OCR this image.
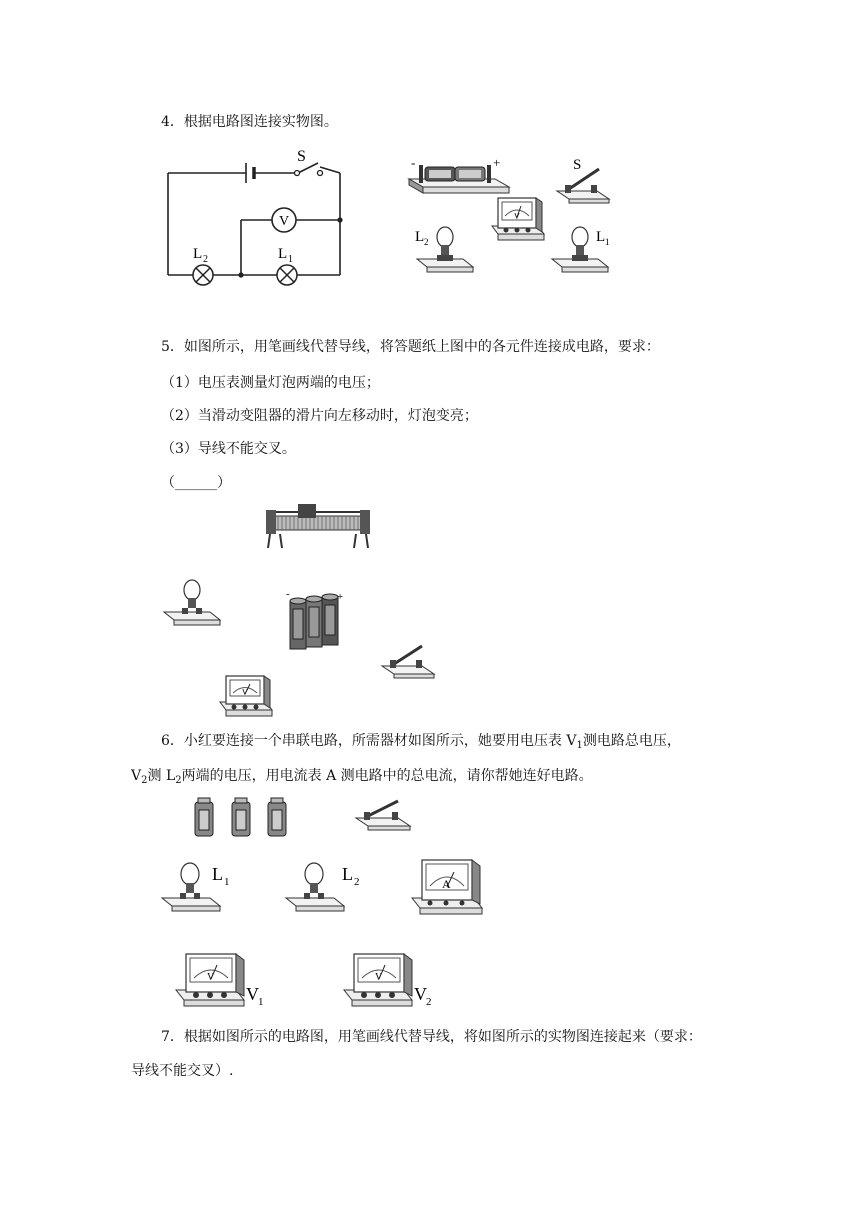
4．根据电路图连接实物图。
V
S
L 2	L 1
-	+	S
V
L 2	L 1
5．如图所示，用笔画线代替导线，将答题纸上图中的各元件连接成电路，要求：
（1）电压表测量灯泡两端的电压；
（2）当滑动变阻器的滑片向左移动时，灯泡变亮；
（3）导线不能交叉。
（______）
-	+
V
6．小红要连接一个串联电路，所需器材如图所示，她要用电压表 $V_1$测电路总电压，
$V_2$测 $L_2$两端的电压，用电流表 A 测电路中的总电流，请你帮她连好电路。
L 1	L 2	A
V
V 1
V
V 2
7．根据如图所示的电路图，用笔画线代替导线，将如图所示的实物图连接起来（要求：
导线不能交叉）.
